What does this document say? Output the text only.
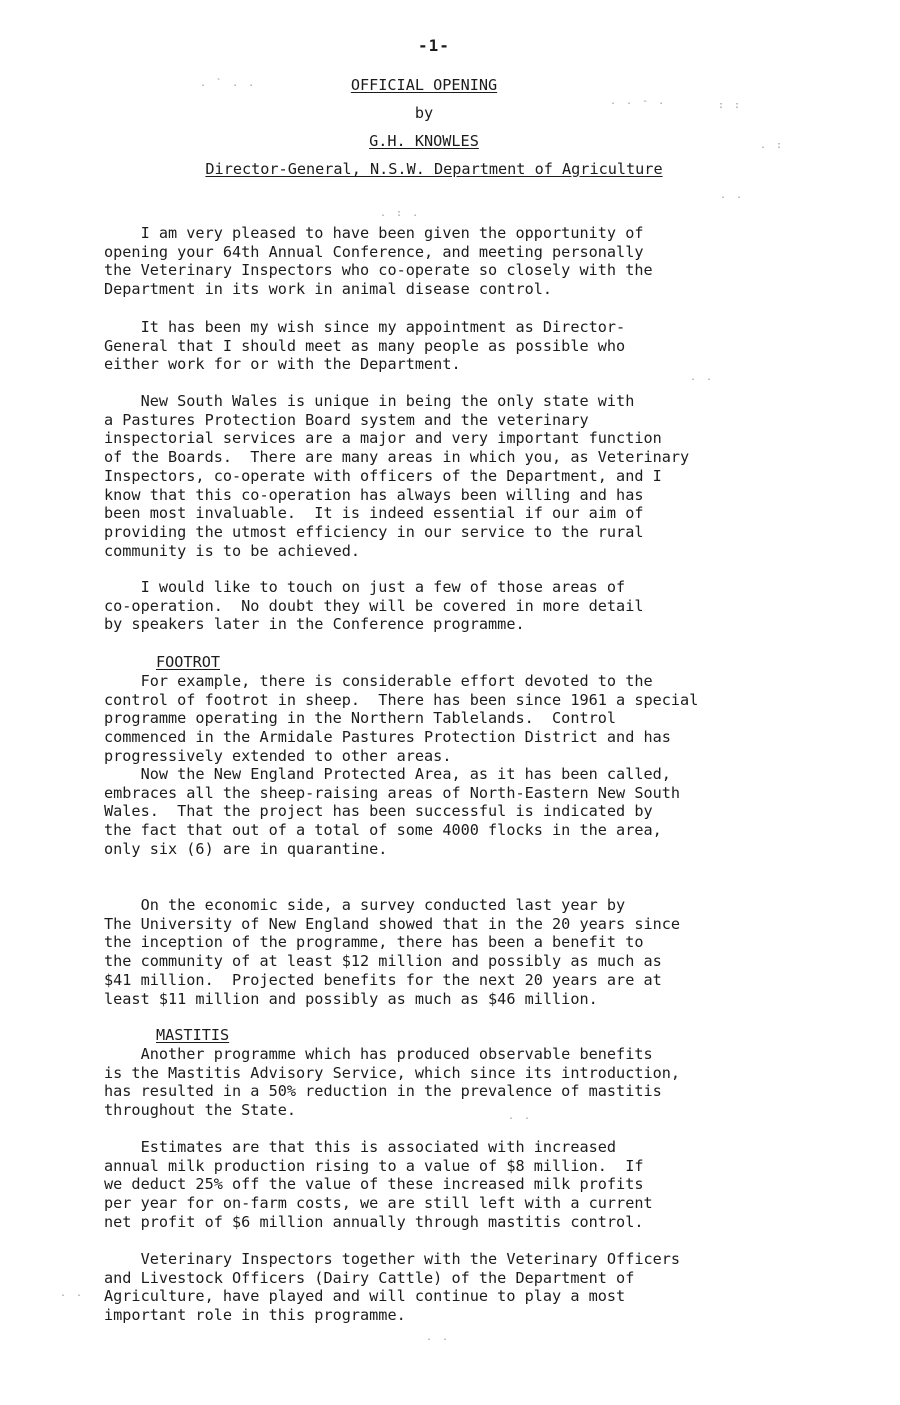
-1-
OFFICIAL OPENING
by
G.H. KNOWLES
Director-General, N.S.W. Department of Agriculture
I am very pleased to have been given the opportunity of
opening your 64th Annual Conference, and meeting personally
the Veterinary Inspectors who co-operate so closely with the
Department in its work in animal disease control.
It has been my wish since my appointment as Director-
General that I should meet as many people as possible who
either work for or with the Department.
New South Wales is unique in being the only state with
a Pastures Protection Board system and the veterinary
inspectorial services are a major and very important function
of the Boards.  There are many areas in which you, as Veterinary
Inspectors, co-operate with officers of the Department, and I
know that this co-operation has always been willing and has
been most invaluable.  It is indeed essential if our aim of
providing the utmost efficiency in our service to the rural
community is to be achieved.
I would like to touch on just a few of those areas of
co-operation.  No doubt they will be covered in more detail
by speakers later in the Conference programme.
FOOTROT
For example, there is considerable effort devoted to the
control of footrot in sheep.  There has been since 1961 a special
programme operating in the Northern Tablelands.  Control
commenced in the Armidale Pastures Protection District and has
progressively extended to other areas.
Now the New England Protected Area, as it has been called,
embraces all the sheep-raising areas of North-Eastern New South
Wales.  That the project has been successful is indicated by
the fact that out of a total of some 4000 flocks in the area,
only six (6) are in quarantine.
On the economic side, a survey conducted last year by
The University of New England showed that in the 20 years since
the inception of the programme, there has been a benefit to
the community of at least $12 million and possibly as much as
$41 million.  Projected benefits for the next 20 years are at
least $11 million and possibly as much as $46 million.
MASTITIS
Another programme which has produced observable benefits
is the Mastitis Advisory Service, which since its introduction,
has resulted in a 50% reduction in the prevalence of mastitis
throughout the State.
Estimates are that this is associated with increased
annual milk production rising to a value of $8 million.  If
we deduct 25% off the value of these increased milk profits
per year for on-farm costs, we are still left with a current
net profit of $6 million annually through mastitis control.
Veterinary Inspectors together with the Veterinary Officers
and Livestock Officers (Dairy Cattle) of the Department of
Agriculture, have played and will continue to play a most
important role in this programme.
. ` . .
. . - .	: :
. :
. .
. : .
. .
. .
. .
. .
